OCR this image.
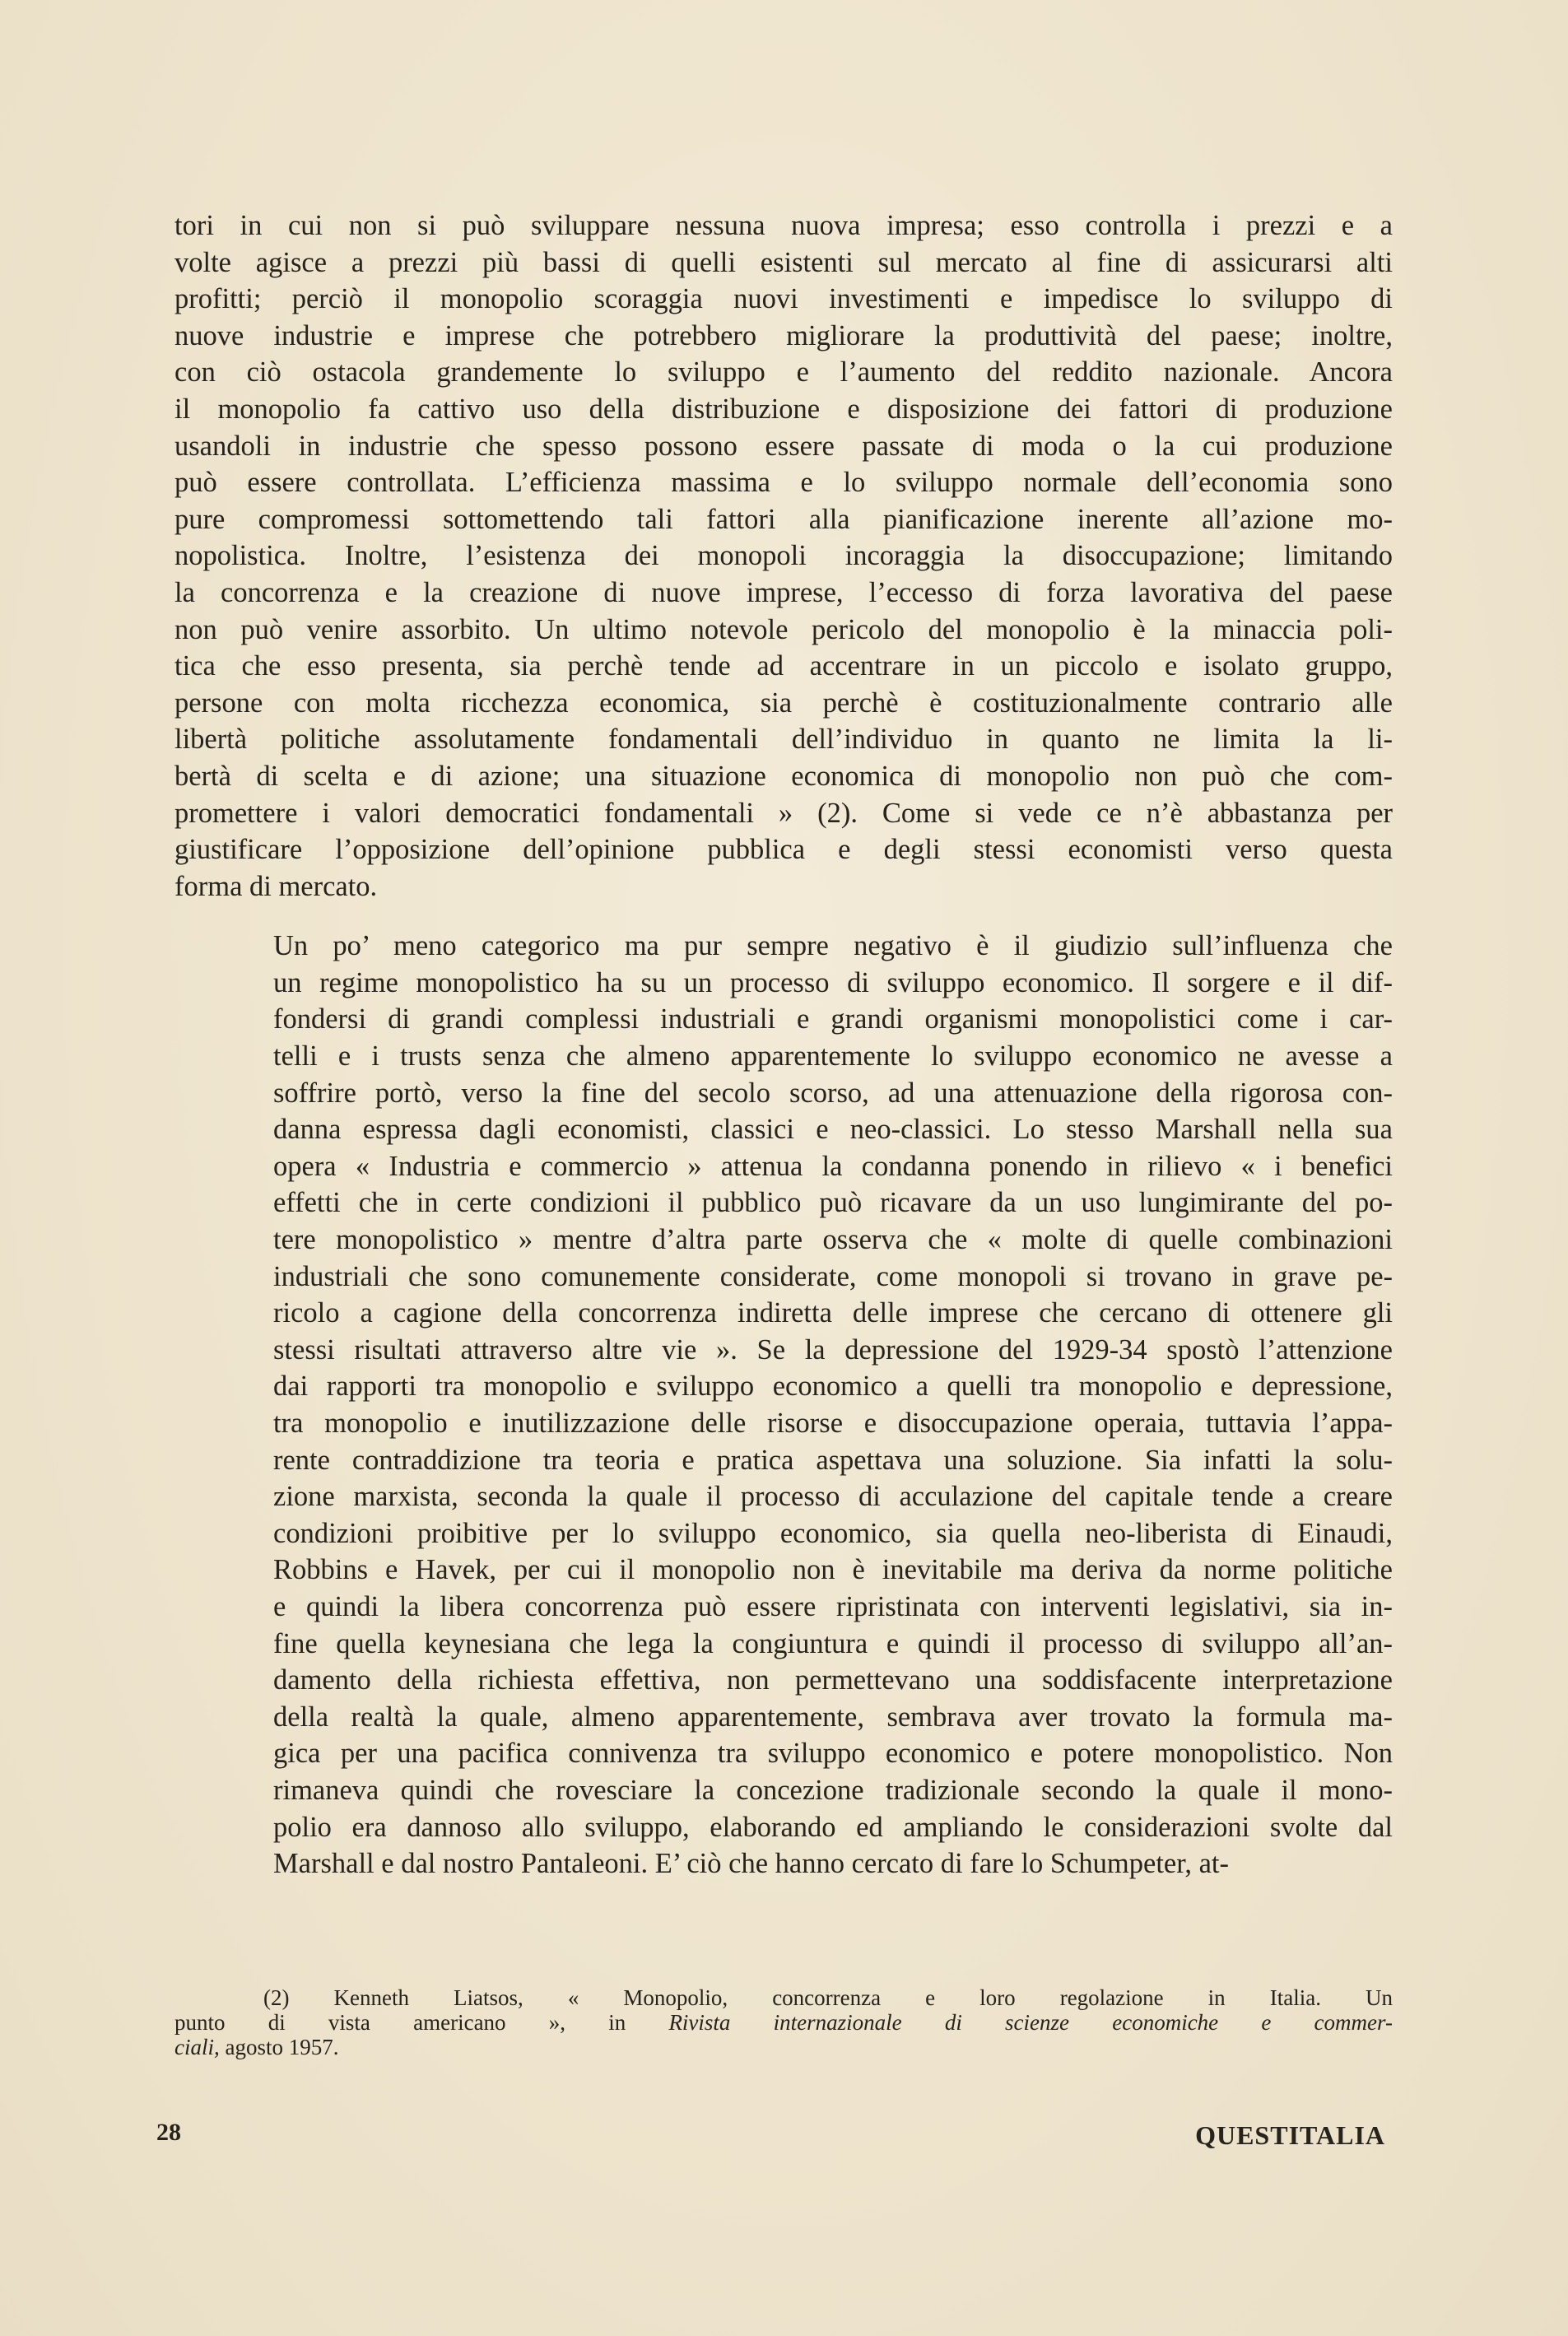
tori in cui non si può sviluppare nessuna nuova impresa; esso controlla i prezzi e a
volte agisce a prezzi più bassi di quelli esistenti sul mercato al fine di assicurarsi alti
profitti; perciò il monopolio scoraggia nuovi investimenti e impedisce lo sviluppo di
nuove industrie e imprese che potrebbero migliorare la produttività del paese; inoltre,
con ciò ostacola grandemente lo sviluppo e l’aumento del reddito nazionale. Ancora
il monopolio fa cattivo uso della distribuzione e disposizione dei fattori di produzione
usandoli in industrie che spesso possono essere passate di moda o la cui produzione
può essere controllata. L’efficienza massima e lo sviluppo normale dell’economia sono
pure compromessi sottomettendo tali fattori alla pianificazione inerente all’azione mo-
nopolistica. Inoltre, l’esistenza dei monopoli incoraggia la disoccupazione; limitando
la concorrenza e la creazione di nuove imprese, l’eccesso di forza lavorativa del paese
non può venire assorbito. Un ultimo notevole pericolo del monopolio è la minaccia poli-
tica che esso presenta, sia perchè tende ad accentrare in un piccolo e isolato gruppo,
persone con molta ricchezza economica, sia perchè è costituzionalmente contrario alle
libertà politiche assolutamente fondamentali dell’individuo in quanto ne limita la li-
bertà di scelta e di azione; una situazione economica di monopolio non può che com-
promettere i valori democratici fondamentali » (2). Come si vede ce n’è abbastanza per
giustificare l’opposizione dell’opinione pubblica e degli stessi economisti verso questa
forma di mercato.

Un po’ meno categorico ma pur sempre negativo è il giudizio sull’influenza che
un regime monopolistico ha su un processo di sviluppo economico. Il sorgere e il dif-
fondersi di grandi complessi industriali e grandi organismi monopolistici come i car-
telli e i trusts senza che almeno apparentemente lo sviluppo economico ne avesse a
soffrire portò, verso la fine del secolo scorso, ad una attenuazione della rigorosa con-
danna espressa dagli economisti, classici e neo-classici. Lo stesso Marshall nella sua
opera « Industria e commercio » attenua la condanna ponendo in rilievo « i benefici
effetti che in certe condizioni il pubblico può ricavare da un uso lungimirante del po-
tere monopolistico » mentre d’altra parte osserva che « molte di quelle combinazioni
industriali che sono comunemente considerate, come monopoli si trovano in grave pe-
ricolo a cagione della concorrenza indiretta delle imprese che cercano di ottenere gli
stessi risultati attraverso altre vie ». Se la depressione del 1929-34 spostò l’attenzione
dai rapporti tra monopolio e sviluppo economico a quelli tra monopolio e depressione,
tra monopolio e inutilizzazione delle risorse e disoccupazione operaia, tuttavia l’appa-
rente contraddizione tra teoria e pratica aspettava una soluzione. Sia infatti la solu-
zione marxista, seconda la quale il processo di acculazione del capitale tende a creare
condizioni proibitive per lo sviluppo economico, sia quella neo-liberista di Einaudi,
Robbins e Havek, per cui il monopolio non è inevitabile ma deriva da norme politiche
e quindi la libera concorrenza può essere ripristinata con interventi legislativi, sia in-
fine quella keynesiana che lega la congiuntura e quindi il processo di sviluppo all’an-
damento della richiesta effettiva, non permettevano una soddisfacente interpretazione
della realtà la quale, almeno apparentemente, sembrava aver trovato la formula ma-
gica per una pacifica connivenza tra sviluppo economico e potere monopolistico. Non
rimaneva quindi che rovesciare la concezione tradizionale secondo la quale il mono-
polio era dannoso allo sviluppo, elaborando ed ampliando le considerazioni svolte dal
Marshall e dal nostro Pantaleoni. E’ ciò che hanno cercato di fare lo Schumpeter, at-

(2) Kenneth Liatsos, « Monopolio, concorrenza e loro regolazione in Italia. Un
punto di vista americano », in Rivista internazionale di scienze economiche e commer-
ciali, agosto 1957.

28	QUESTITALIA
